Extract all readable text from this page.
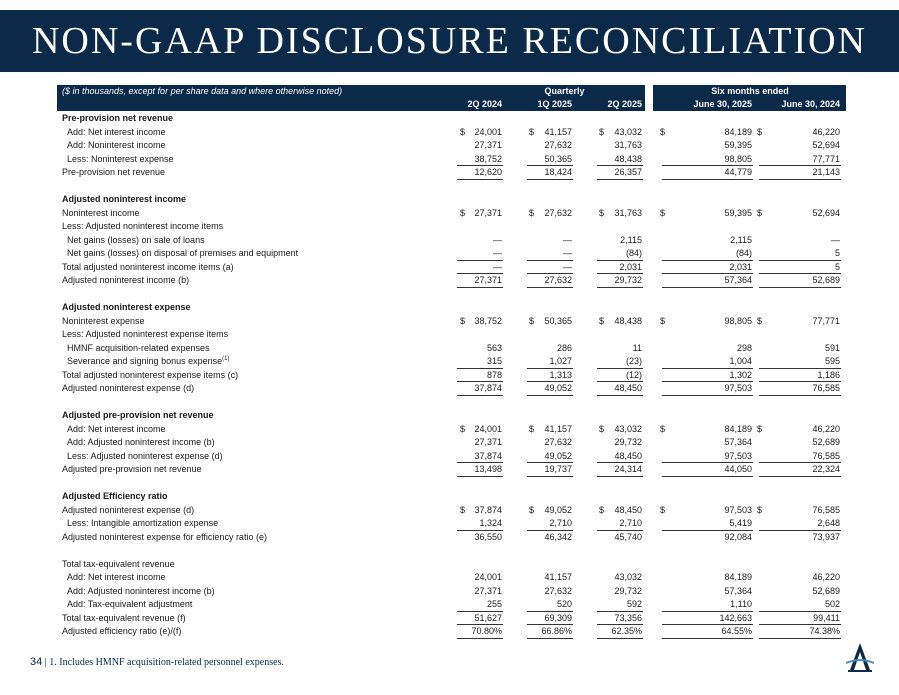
NON-GAAP DISCLOSURE RECONCILIATION
($ in thousands, except for per share data and where otherwise noted)	Quarterly	Six months ended
2Q 2024	1Q 2025	2Q 2025	June 30, 2025	June 30, 2024
Pre-provision net revenue
Add: Net interest income	$	24,001	$	41,157	$	43,032 $	84,189 $	46,220
Add: Noninterest income	27,371	27,632	31,763	59,395	52,694
Less: Noninterest expense	38,752	50,365	48,438	98,805	77,771
Pre-provision net revenue	12,620	18,424	26,357	44,779	21,143
Adjusted noninterest income
Noninterest income	$	27,371	$	27,632	$	31,763 $	59,395 $	52,694
Less: Adjusted noninterest income items
Net gains (losses) on sale of loans	—	—	2,115	2,115	—
Net gains (losses) on disposal of premises and equipment	—	—	(84)	(84)	5
Total adjusted noninterest income items (a)	—	—	2,031	2,031	5
Adjusted noninterest income (b)	27,371	27,632	29,732	57,364	52,689
Adjusted noninterest expense
Noninterest expense	$	38,752	$	50,365	$	48,438 $	98,805 $	77,771
Less: Adjusted noninterest expense items
HMNF acquisition-related expenses	563	286	11	298	591
Severance and signing bonus expense$^{(1)}$	315	1,027	(23)	1,004	595
Total adjusted noninterest expense items (c)	878	1,313	(12)	1,302	1,186
Adjusted noninterest expense (d)	37,874	49,052	48,450	97,503	76,585
Adjusted pre-provision net revenue
Add: Net interest income	$	24,001	$	41,157	$	43,032 $	84,189 $	46,220
Add: Adjusted noninterest income (b)	27,371	27,632	29,732	57,364	52,689
Less: Adjusted noninterest expense (d)	37,874	49,052	48,450	97,503	76,585
Adjusted pre-provision net revenue	13,498	19,737	24,314	44,050	22,324
Adjusted Efficiency ratio
Adjusted noninterest expense (d)	$	37,874	$	49,052	$	48,450 $	97,503 $	76,585
Less: Intangible amortization expense	1,324	2,710	2,710	5,419	2,648
Adjusted noninterest expense for efficiency ratio (e)	36,550	46,342	45,740	92,084	73,937
Total tax-equivalent revenue
Add: Net interest income	24,001	41,157	43,032	84,189	46,220
Add: Adjusted noninterest income (b)	27,371	27,632	29,732	57,364	52,689
Add: Tax-equivalent adjustment	255	520	592	1,110	502
Total tax-equivalent revenue (f)	51,627	69,309	73,356	142,663	99,411
Adjusted efficiency ratio (e)/(f)	70.80%	66.86%	62.35%	64.55%	74.38%
34 | 1. Includes HMNF acquisition-related personnel expenses.
